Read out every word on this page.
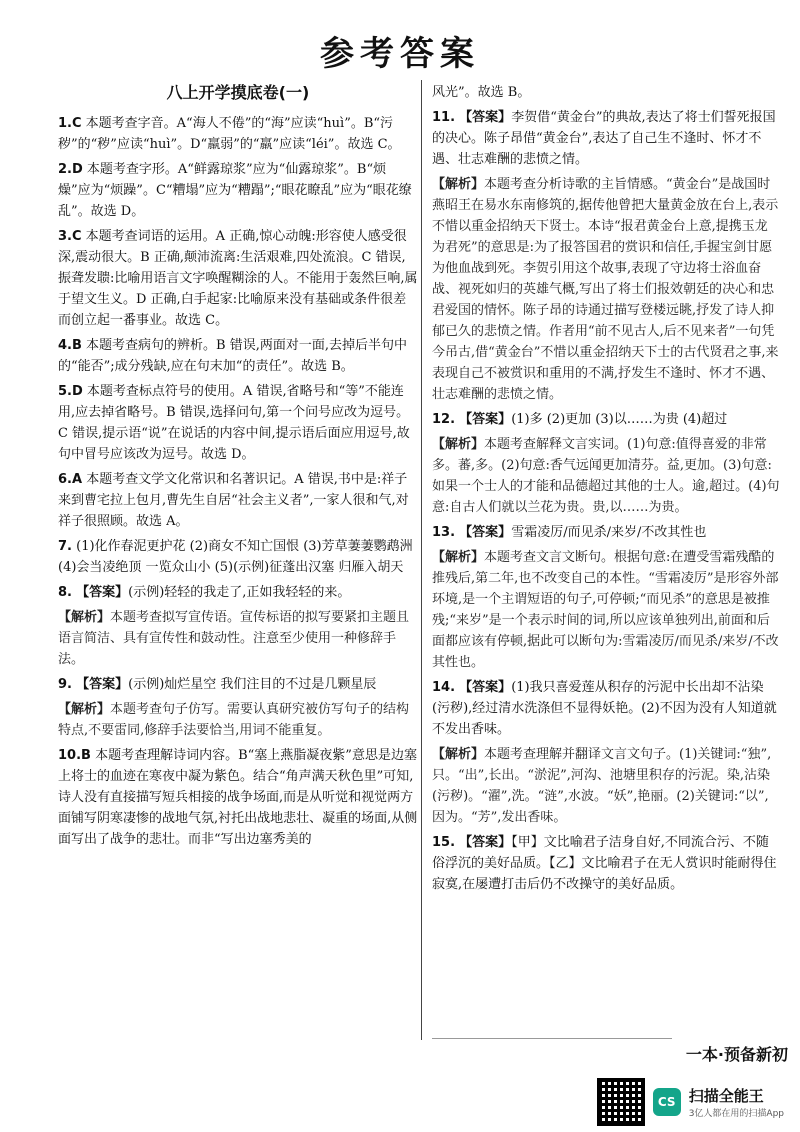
参考答案
八上开学摸底卷(一)
1.C 本题考查字音。A“海人不倦”的“海”应读“huì”。B“污秽”的“秽”应读“huì”。D“羸弱”的“羸”应读“léi”。故选 C。
2.D 本题考查字形。A“鲜露琼浆”应为“仙露琼浆”。B“烦燥”应为“烦躁”。C“糟塌”应为“糟蹋”;“眼花瞭乱”应为“眼花缭乱”。故选 D。
3.C 本题考查词语的运用。A 正确,惊心动魄:形容使人感受很深,震动很大。B 正确,颠沛流离:生活艰难,四处流浪。C 错误,振聋发聩:比喻用语言文字唤醒糊涂的人。不能用于轰然巨响,属于望文生义。D 正确,白手起家:比喻原来没有基础或条件很差而创立起一番事业。故选 C。
4.B 本题考查病句的辨析。B 错误,两面对一面,去掉后半句中的“能否”;成分残缺,应在句末加“的责任”。故选 B。
5.D 本题考查标点符号的使用。A 错误,省略号和“等”不能连用,应去掉省略号。B 错误,选择问句,第一个问号应改为逗号。C 错误,提示语“说”在说话的内容中间,提示语后面应用逗号,故句中冒号应该改为逗号。故选 D。
6.A 本题考查文学文化常识和名著识记。A 错误,书中是:祥子来到曹宅拉上包月,曹先生自居“社会主义者”,一家人很和气,对祥子很照顾。故选 A。
7. (1)化作春泥更护花 (2)商女不知亡国恨 (3)芳草萋萋鹦鹉洲 (4)会当凌绝顶 一览众山小 (5)(示例)征蓬出汉塞 归雁入胡天
8. 【答案】(示例)轻轻的我走了,正如我轻轻的来。
【解析】本题考查拟写宣传语。宣传标语的拟写要紧扣主题且语言简洁、具有宣传性和鼓动性。注意至少使用一种修辞手法。
9. 【答案】(示例)灿烂星空 我们注目的不过是几颗星辰
【解析】本题考查句子仿写。需要认真研究被仿写句子的结构特点,不要雷同,修辞手法要恰当,用词不能重复。
10.B 本题考查理解诗词内容。B“塞上燕脂凝夜紫”意思是边塞上将士的血迹在寒夜中凝为紫色。结合“角声满天秋色里”可知,诗人没有直接描写短兵相接的战争场面,而是从听觉和视觉两方面铺写阴寒凄惨的战地气氛,衬托出战地悲壮、凝重的场面,从侧面写出了战争的悲壮。而非“写出边塞秀美的
风光”。故选 B。
11. 【答案】李贺借“黄金台”的典故,表达了将士们誓死报国的决心。陈子昂借“黄金台”,表达了自己生不逢时、怀才不遇、壮志难酬的悲愤之情。
【解析】本题考查分析诗歌的主旨情感。“黄金台”是战国时燕昭王在易水东南修筑的,据传他曾把大量黄金放在台上,表示不惜以重金招纳天下贤士。本诗“报君黄金台上意,提携玉龙为君死”的意思是:为了报答国君的赏识和信任,手握宝剑甘愿为他血战到死。李贺引用这个故事,表现了守边将士浴血奋战、视死如归的英雄气概,写出了将士们报效朝廷的决心和忠君爱国的情怀。陈子昂的诗通过描写登楼远眺,抒发了诗人抑郁已久的悲愤之情。作者用“前不见古人,后不见来者”一句凭今吊古,借“黄金台”不惜以重金招纳天下士的古代贤君之事,来表现自己不被赏识和重用的不满,抒发生不逢时、怀才不遇、壮志难酬的悲愤之情。
12. 【答案】(1)多 (2)更加 (3)以……为贵 (4)超过
【解析】本题考查解释文言实词。(1)句意:值得喜爱的非常多。蕃,多。(2)句意:香气远闻更加清芬。益,更加。(3)句意:如果一个士人的才能和品德超过其他的士人。逾,超过。(4)句意:自古人们就以兰花为贵。贵,以……为贵。
13. 【答案】雪霜凌厉/而见杀/来岁/不改其性也
【解析】本题考查文言文断句。根据句意:在遭受雪霜残酷的推残后,第二年,也不改变自己的本性。“雪霜凌厉”是形容外部环境,是一个主谓短语的句子,可停顿;“而见杀”的意思是被推残;“来岁”是一个表示时间的词,所以应该单独列出,前面和后面都应该有停顿,据此可以断句为:雪霜凌厉/而见杀/来岁/不改其性也。
14. 【答案】(1)我只喜爱莲从积存的污泥中长出却不沾染(污秽),经过清水洗涤但不显得妖艳。(2)不因为没有人知道就不发出香味。
【解析】本题考查理解并翻译文言文句子。(1)关键词:“独”,只。“出”,长出。“淤泥”,河沟、池塘里积存的污泥。染,沾染(污秽)。“濯”,洗。“涟”,水波。“妖”,艳丽。(2)关键词:“以”,因为。“芳”,发出香味。
15. 【答案】【甲】文比喻君子洁身自好,不同流合污、不随俗浮沉的美好品质。【乙】文比喻君子在无人赏识时能耐得住寂寞,在屡遭打击后仍不改操守的美好品质。
一本·预备新初
CS 扫描全能王
3亿人都在用的扫描App
